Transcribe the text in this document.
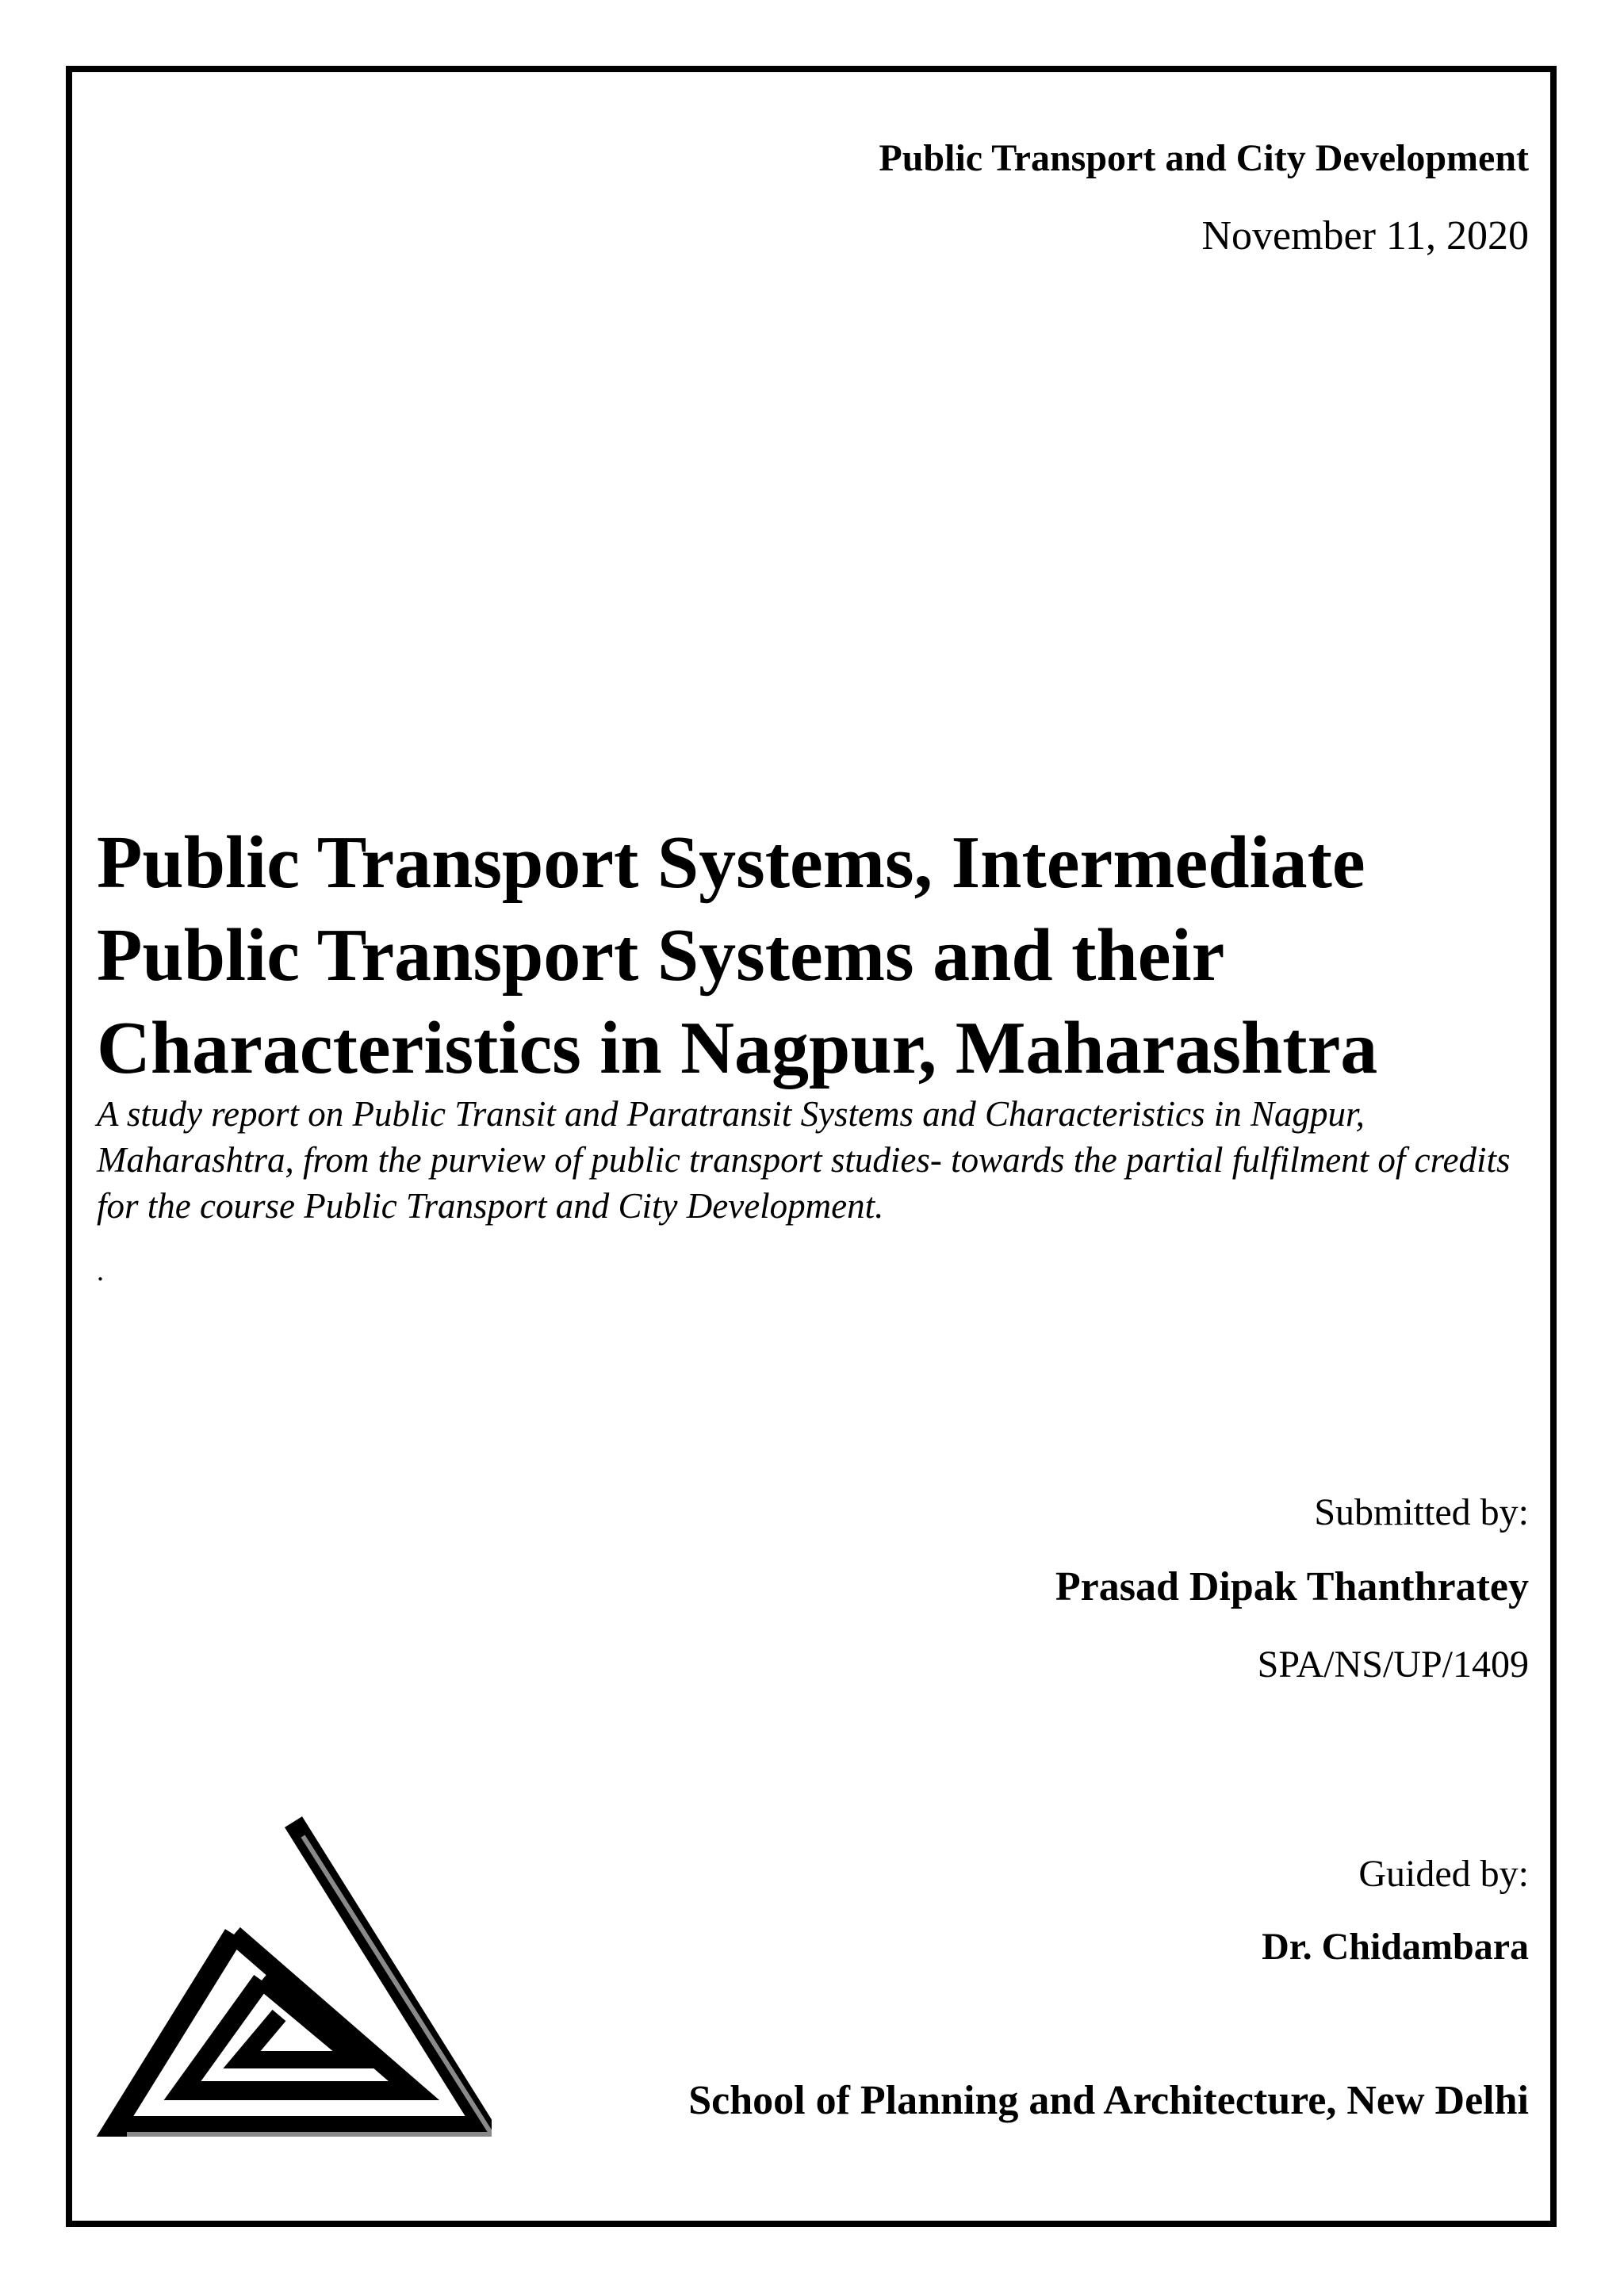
Public Transport and City Development
November 11, 2020
Public Transport Systems, Intermediate
Public Transport Systems and their
Characteristics in Nagpur, Maharashtra

A study report on Public Transit and Paratransit Systems and Characteristics in Nagpur, Maharashtra, from the purview of public transport studies- towards the partial fulfilment of credits for the course Public Transport and City Development.

.
Submitted by:
Prasad Dipak Thanthratey
SPA/NS/UP/1409
Guided by:
Dr. Chidambara
School of Planning and Architecture, New Delhi
